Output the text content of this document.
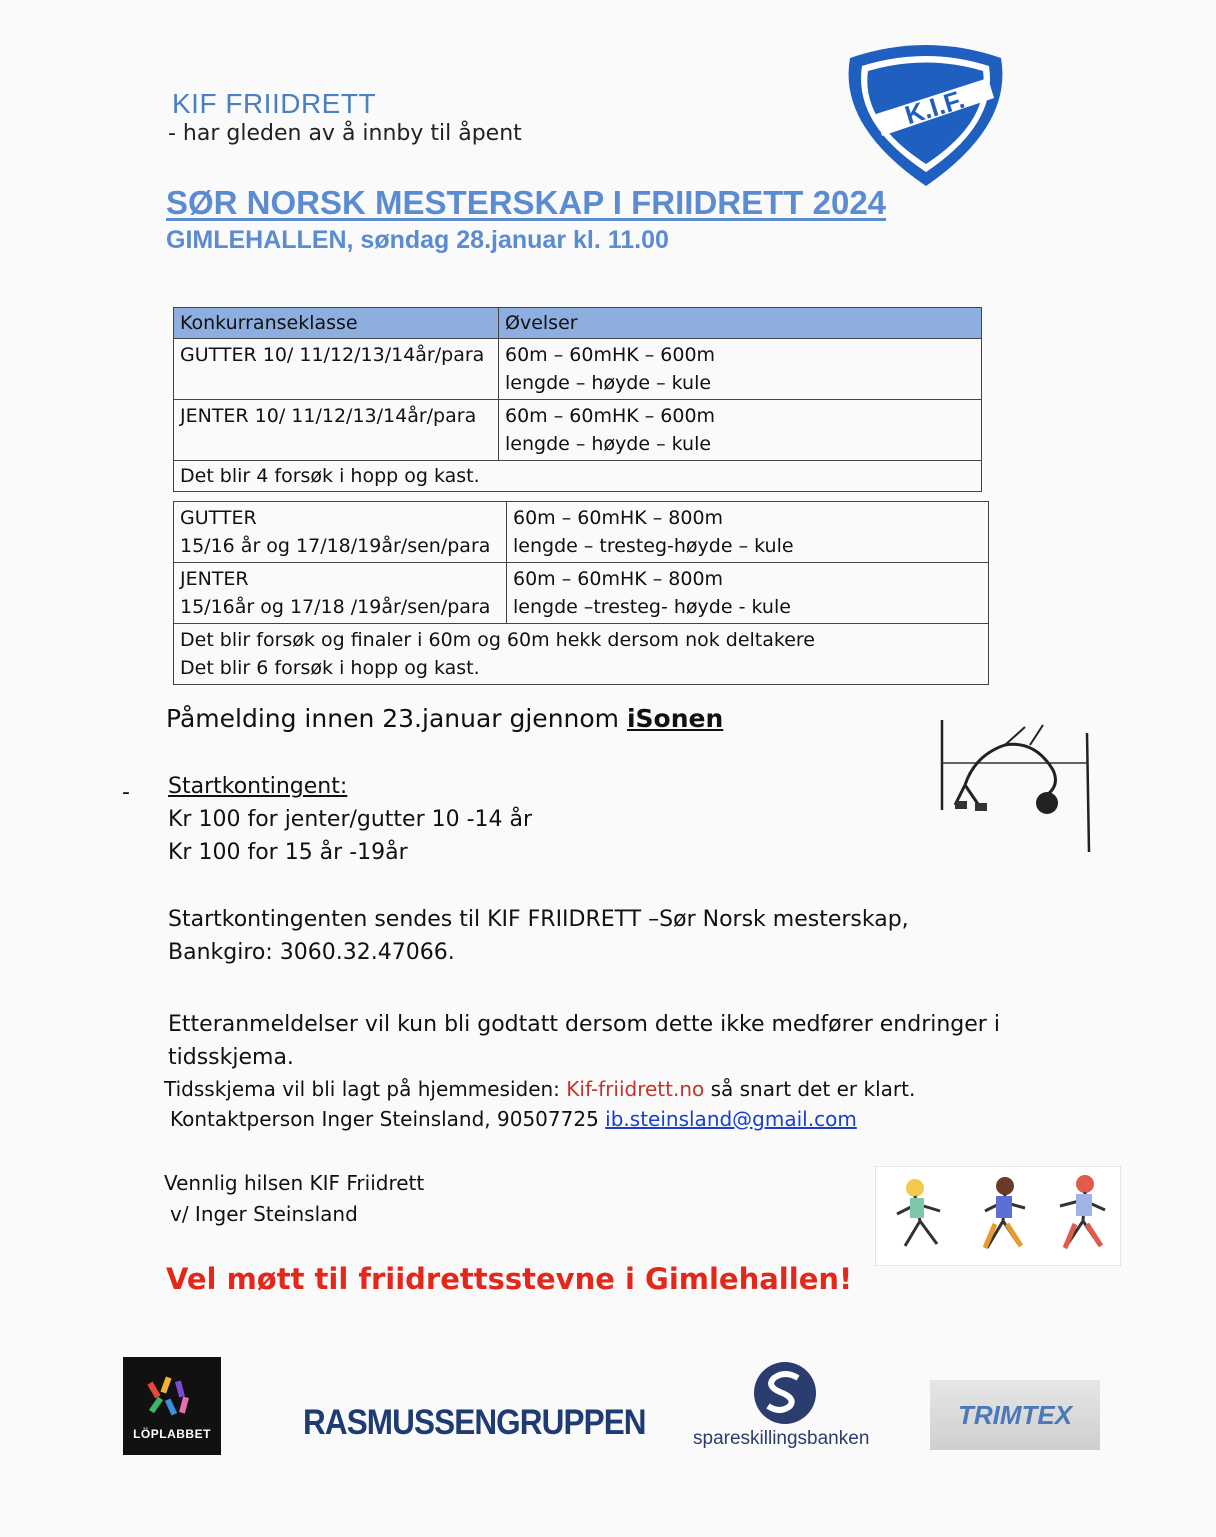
KIF FRIIDRETT
- har gleden av å innby til åpent
K.I.F.
SØR NORSK MESTERSKAP I FRIIDRETT 2024
GIMLEHALLEN, søndag 28.januar kl. 11.00
Konkurranseklasse	Øvelser
GUTTER 10/ 11/12/13/14år/para	60m – 60mHK – 600m
lengde – høyde – kule

JENTER 10/ 11/12/13/14år/para	60m – 60mHK – 600m
lengde – høyde – kule

Det blir 4 forsøk i hopp og kast.	
GUTTER
15/16 år og 17/18/19år/sen/para	60m – 60mHK – 800m
lengde – tresteg-høyde – kule

JENTER
15/16år og 17/18 /19år/sen/para	60m – 60mHK – 800m
lengde –tresteg- høyde - kule

Det blir forsøk og finaler i 60m og 60m hekk dersom nok deltakere
Det blir 6 forsøk i hopp og kast.	
Påmelding innen 23.januar gjennom iSonen
- Startkontingent:
Kr 100 for jenter/gutter 10 -14 år
Kr 100 for 15 år -19år
Startkontingenten sendes til KIF FRIIDRETT –Sør Norsk mesterskap,
Bankgiro: 3060.32.47066.
Etteranmeldelser vil kun bli godtatt dersom dette ikke medfører endringer i tidsskjema.
Tidsskjema vil bli lagt på hjemmesiden: Kif-friidrett.no så snart det er klart.
Kontaktperson Inger Steinsland, 90507725 ib.steinsland@gmail.com
Vennlig hilsen KIF Friidrett
v/ Inger Steinsland
Vel møtt til friidrettsstevne i Gimlehallen!
LÖPLABBET	RASMUSSENGRUPPEN spareskillingsbanken
TRIMTEX
